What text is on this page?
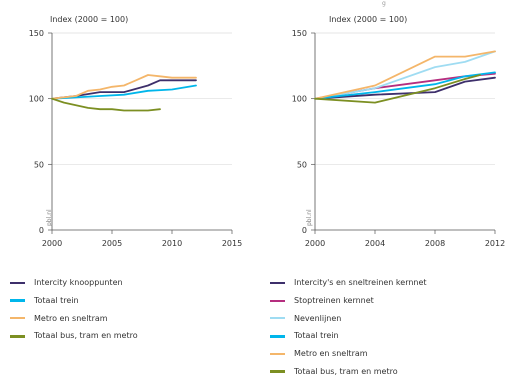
g
Index (2000 = 100)
0
50
100
150
2000	2005	2010	2015
Index (2000 = 100)
0
50
100
150
2000	2004	2008	2012
pbl.nl	pbl.nl
Intercity knooppunten
Totaal trein
Metro en sneltram
Totaal bus, tram en metro
Intercity's en sneltreinen kernnet
Stoptreinen kernnet
Nevenlijnen
Totaal trein
Metro en sneltram
Totaal bus, tram en metro
